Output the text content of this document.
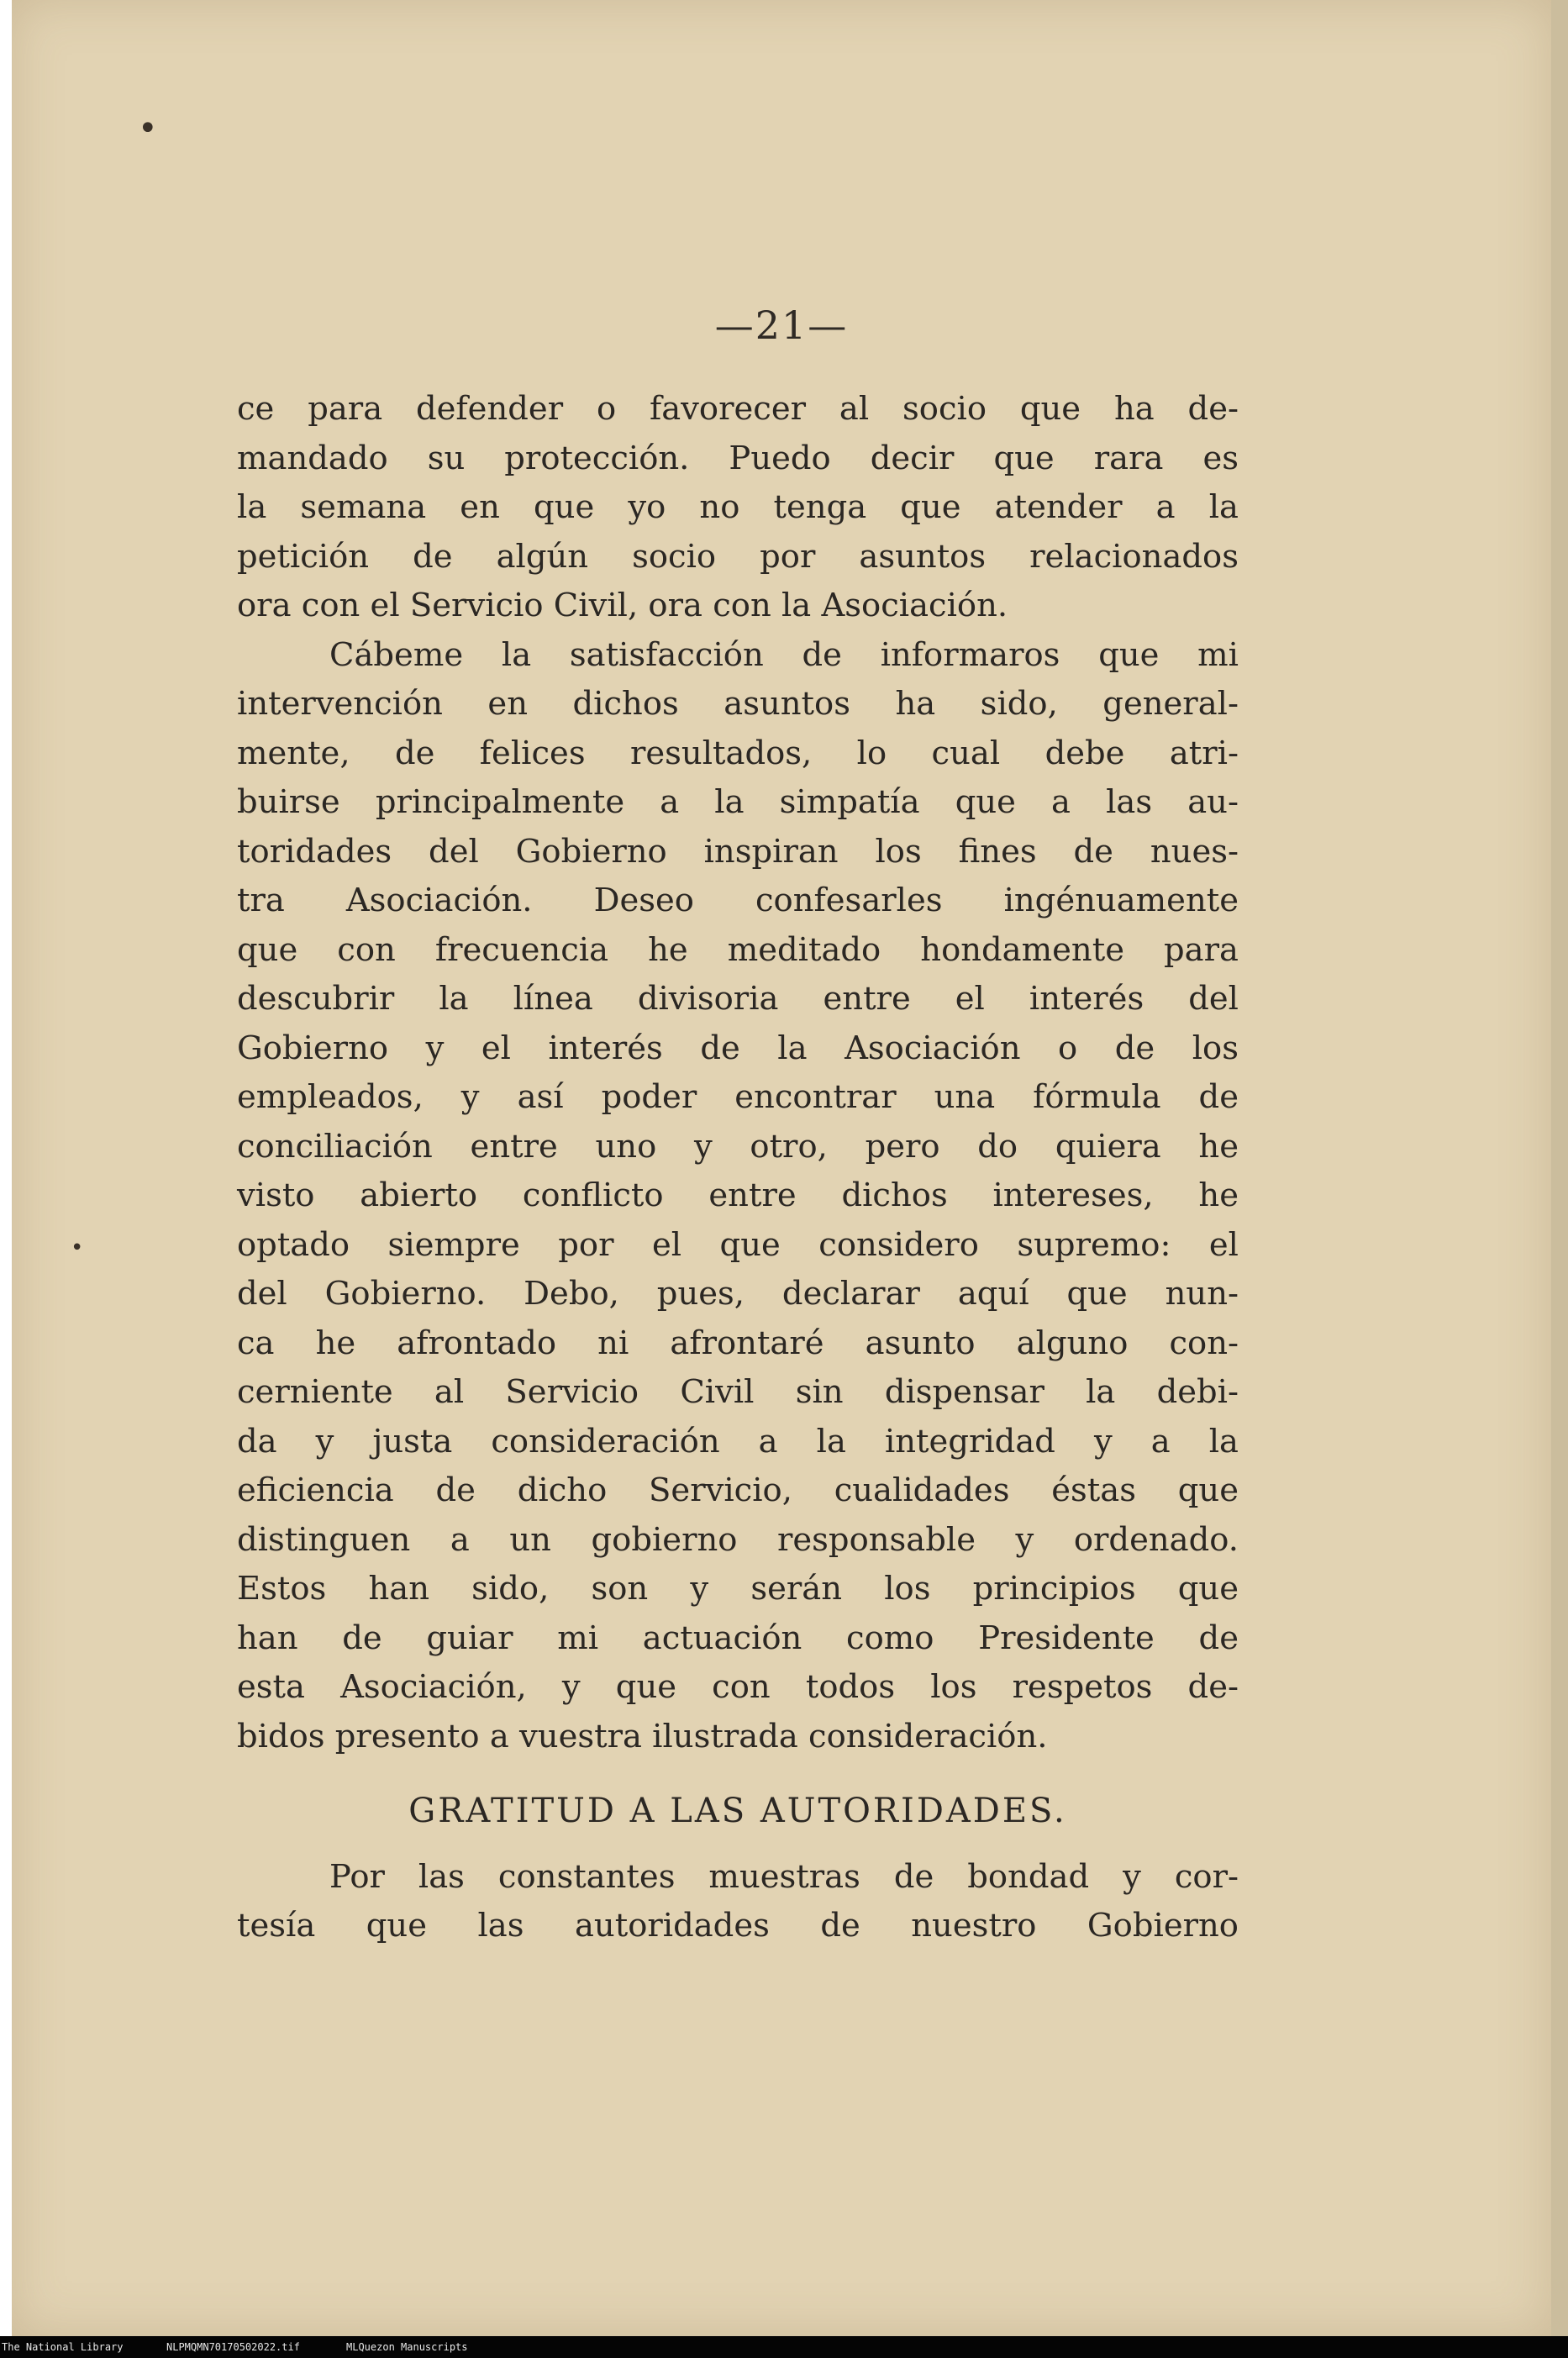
•
•
—21—
ce para defender o favorecer al socio que ha de-
mandado su protección. Puedo decir que rara es
la semana en que yo no tenga que atender a la
petición de algún socio por asuntos relacionados
ora con el Servicio Civil, ora con la Asociación.
Cábeme la satisfacción de informaros que mi
intervención en dichos asuntos ha sido, general-
mente, de felices resultados, lo cual debe atri-
buirse principalmente a la simpatía que a las au-
toridades del Gobierno inspiran los fines de nues-
tra Asociación. Deseo confesarles ingénuamente
que con frecuencia he meditado hondamente para
descubrir la línea divisoria entre el interés del
Gobierno y el interés de la Asociación o de los
empleados, y así poder encontrar una fórmula de
conciliación entre uno y otro, pero do quiera he
visto abierto conflicto entre dichos intereses, he
optado siempre por el que considero supremo: el
del Gobierno. Debo, pues, declarar aquí que nun-
ca he afrontado ni afrontaré asunto alguno con-
cerniente al Servicio Civil sin dispensar la debi-
da y justa consideración a la integridad y a la
eficiencia de dicho Servicio, cualidades éstas que
distinguen a un gobierno responsable y ordenado.
Estos han sido, son y serán los principios que
han de guiar mi actuación como Presidente de
esta Asociación, y que con todos los respetos de-
bidos presento a vuestra ilustrada consideración.
GRATITUD A LAS AUTORIDADES.
Por las constantes muestras de bondad y cor-
tesía que las autoridades de nuestro Gobierno
The National Library	NLPMQMN70170502022.tif	MLQuezon Manuscripts
